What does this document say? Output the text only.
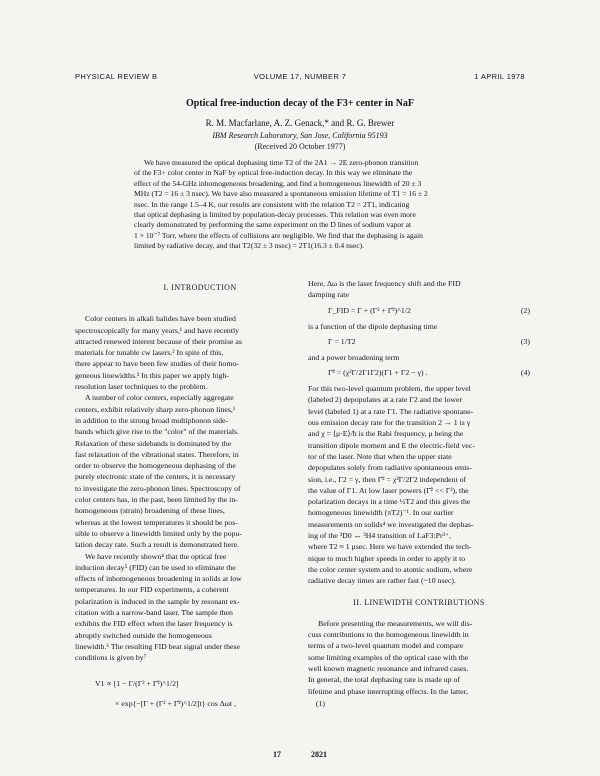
PHYSICAL REVIEW B	VOLUME 17, NUMBER 7	1 APRIL 1978
Optical free-induction decay of the F3+ center in NaF
R. M. Macfarlane, A. Z. Genack,* and R. G. Brewer
IBM Research Laboratory, San Jose, California 95193
(Received 20 October 1977)
We have measured the optical dephasing time T2 of the 2A1 → 2E zero-phonon transition
of the F3+ color center in NaF by optical free-induction decay. In this way we eliminate the
effect of the 54-GHz inhomogeneous broadening, and find a homogeneous linewidth of 20 ± 3
MHz (T2 = 16 ± 3 nsec). We have also measured a spontaneous emission lifetime of T1 = 16 ± 2
nsec. In the range 1.5–4 K, our results are consistent with the relation T2 = 2T1, indicating
that optical dephasing is limited by population-decay processes. This relation was even more
clearly demonstrated by performing the same experiment on the D lines of sodium vapor at
1 × 10⁻⁷ Torr, where the effects of collisions are negligible. We find that the dephasing is again
limited by radiative decay, and that T2(32 ± 3 nsec) = 2T1(16.3 ± 0.4 nsec).
I. INTRODUCTION
Color centers in alkali halides have been studied
spectroscopically for many years,¹ and have recently
attracted renewed interest because of their promise as
materials for tunable cw lasers.² In spite of this,
there appear to have been few studies of their homo-
geneous linewidths.³ In this paper we apply high-
resolution laser techniques to the problem.
A number of color centers, especially aggregate
centers, exhibit relatively sharp zero-phonon lines,¹
in addition to the strong broad multiphonon side-
bands which give rise to the "color" of the materials.
Relaxation of these sidebands is dominated by the
fast relaxation of the vibrational states. Therefore, in
order to observe the homogeneous dephasing of the
purely electronic state of the centers, it is necessary
to investigate the zero-phonon lines. Spectroscopy of
color centers has, in the past, been limited by the in-
homogeneous (strain) broadening of these lines,
whereas at the lowest temperatures it should be pos-
sible to observe a linewidth limited only by the popu-
lation decay rate. Such a result is demonstrated here.
We have recently shown⁴ that the optical free
induction decay⁵ (FID) can be used to eliminate the
effects of inhomogeneous broadening in solids at low
temperatures. In our FID experiments, a coherent
polarization is induced in the sample by resonant ex-
citation with a narrow-band laser. The sample then
exhibits the FID effect when the laser frequency is
abruptly switched outside the homogeneous
linewidth.⁶ The resulting FID beat signal under these
conditions is given by⁷
V1 ∝ [1 − Γ/(Γ² + Γ̂²)^1/2]
× exp{−[Γ + (Γ² + Γ̂²)^1/2]t} cos Δωt ,	(1)
Here, Δω is the laser frequency shift and the FID
damping rate
Γ_FID = Γ + (Γ² + Γ̂²)^1/2	(2)
is a function of the dipole dephasing time
Γ = 1/T2	(3)
and a power broadening term
Γ̂² = (χ²Γ/2Γ1Γ2)(Γ1 + Γ2 − γ) .	(4)
For this two-level quantum problem, the upper level
(labeled 2) depopulates at a rate Γ2 and the lower
level (labeled 1) at a rate Γ1. The radiative spontane-
ous emission decay rate for the transition 2 → 1 is γ
and χ = ⟨μ·E⟩/ħ is the Rabi frequency, μ being the
transition dipole moment and E the electric-field vec-
tor of the laser. Note that when the upper state
depopulates solely from radiative spontaneous emis-
sion, i.e., Γ2 = γ, then Γ̂² = χ²Γ/2Γ2 independent of
the value of Γ1. At low laser powers (Γ̂² << Γ²), the
polarization decays in a time ½T2 and this gives the
homogeneous linewidth (πT2)⁻¹. In our earlier
measurements on solids⁴ we investigated the dephas-
ing of the ³D0 ↔ ³H4 transition of LaF3:Pr³⁺,
where T2 ≈ 1 μsec. Here we have extended the tech-
nique to much higher speeds in order to apply it to
the color center system and to atomic sodium, where
radiative decay times are rather fast (~10 nsec).
II. LINEWIDTH CONTRIBUTIONS
Before presenting the measurements, we will dis-
cuss contributions to the homogeneous linewidth in
terms of a two-level quantum model and compare
some limiting examples of the optical case with the
well known magnetic resonance and infrared cases.
In general, the total dephasing rate is made up of
lifetime and phase interrupting effects. In the latter,
17	2821
